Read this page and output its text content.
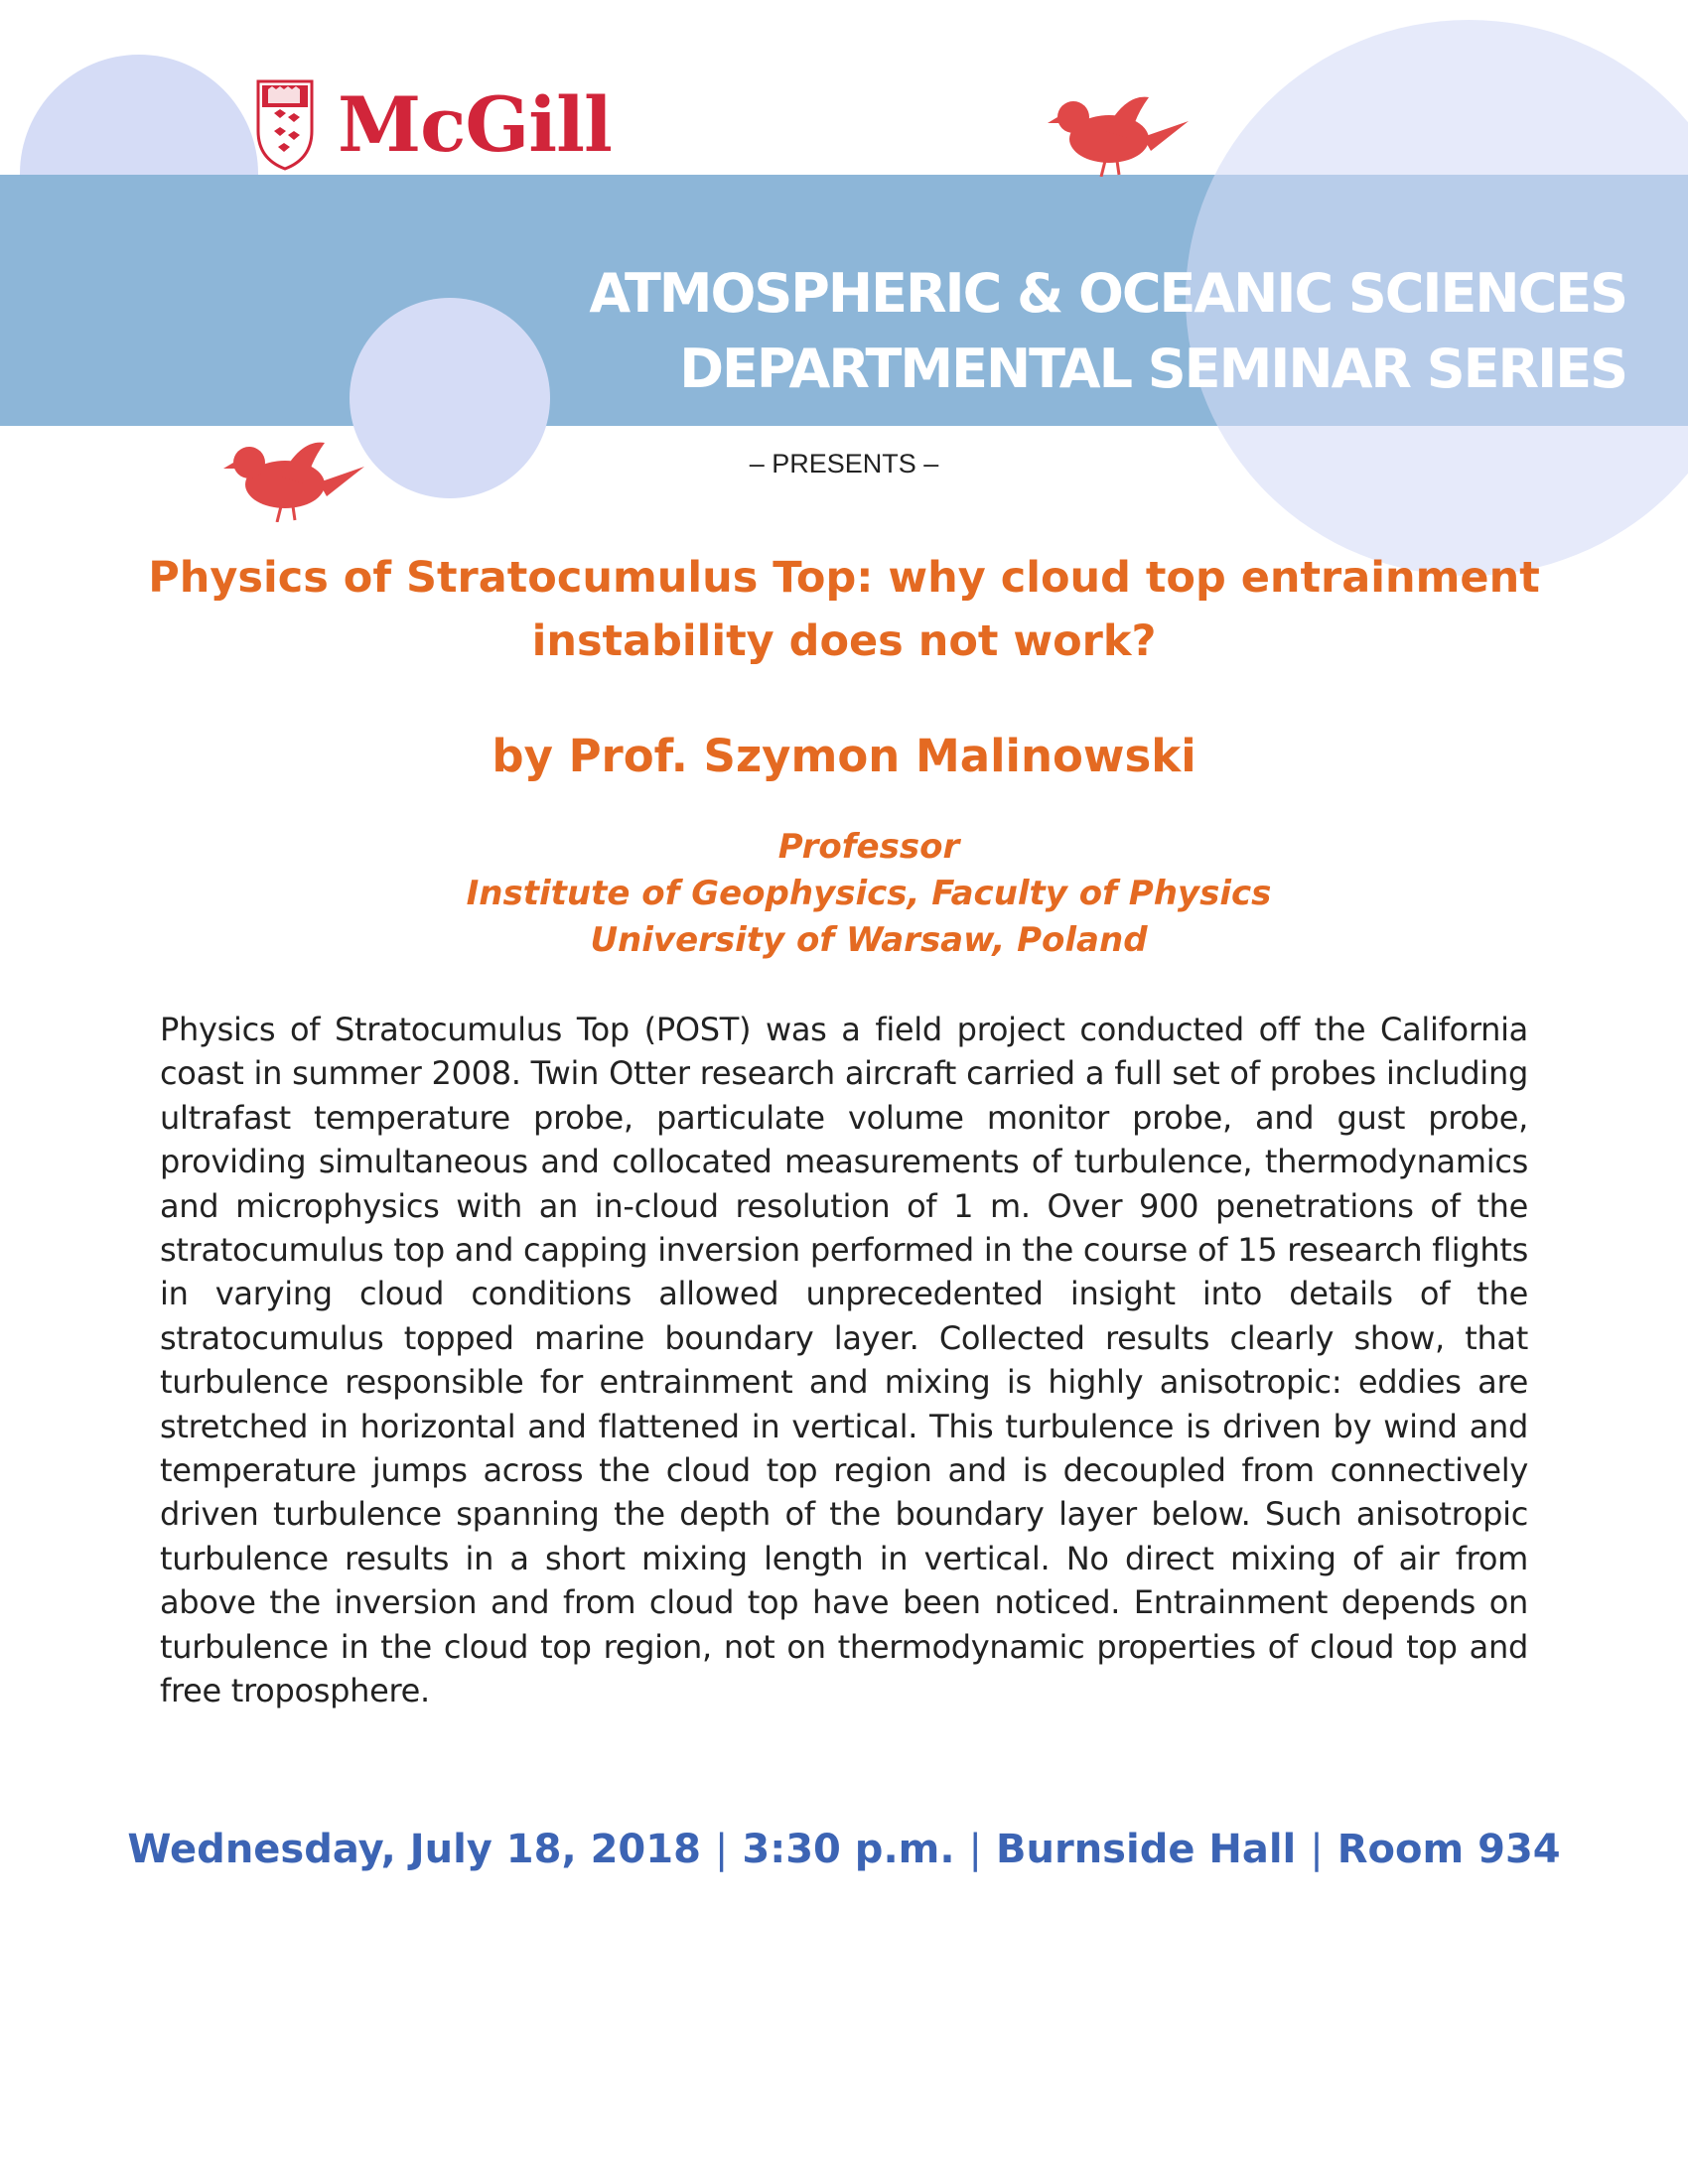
McGill
ATMOSPHERIC & OCEANIC SCIENCES
DEPARTMENTAL SEMINAR SERIES
– PRESENTS –
Physics of Stratocumulus Top: why cloud top entrainment
instability does not work?
by Prof. Szymon Malinowski
Professor
Institute of Geophysics, Faculty of Physics
University of Warsaw, Poland

Physics of Stratocumulus Top (POST) was a field project conducted off the California coast in summer 2008. Twin Otter research aircraft carried a full set of probes including ultrafast temperature probe, particulate volume monitor probe, and gust probe, providing simultaneous and collocated measurements of turbulence, thermodynamics and microphysics with an in-cloud resolution of 1 m. Over 900 penetrations of the stratocumulus top and capping inversion performed in the course of 15 research flights in varying cloud conditions allowed unprecedented insight into details of the stratocumulus topped marine boundary layer. Collected results clearly show, that turbulence responsible for entrainment and mixing is highly anisotropic: eddies are stretched in horizontal and flattened in vertical. This turbulence is driven by wind and temperature jumps across the cloud top region and is decoupled from connectively driven turbulence spanning the depth of the boundary layer below. Such anisotropic turbulence results in a short mixing length in vertical. No direct mixing of air from above the inversion and from cloud top have been noticed. Entrainment depends on turbulence in the cloud top region, not on thermodynamic properties of cloud top and free troposphere.

Wednesday, July 18, 2018 | 3:30 p.m. | Burnside Hall | Room 934
